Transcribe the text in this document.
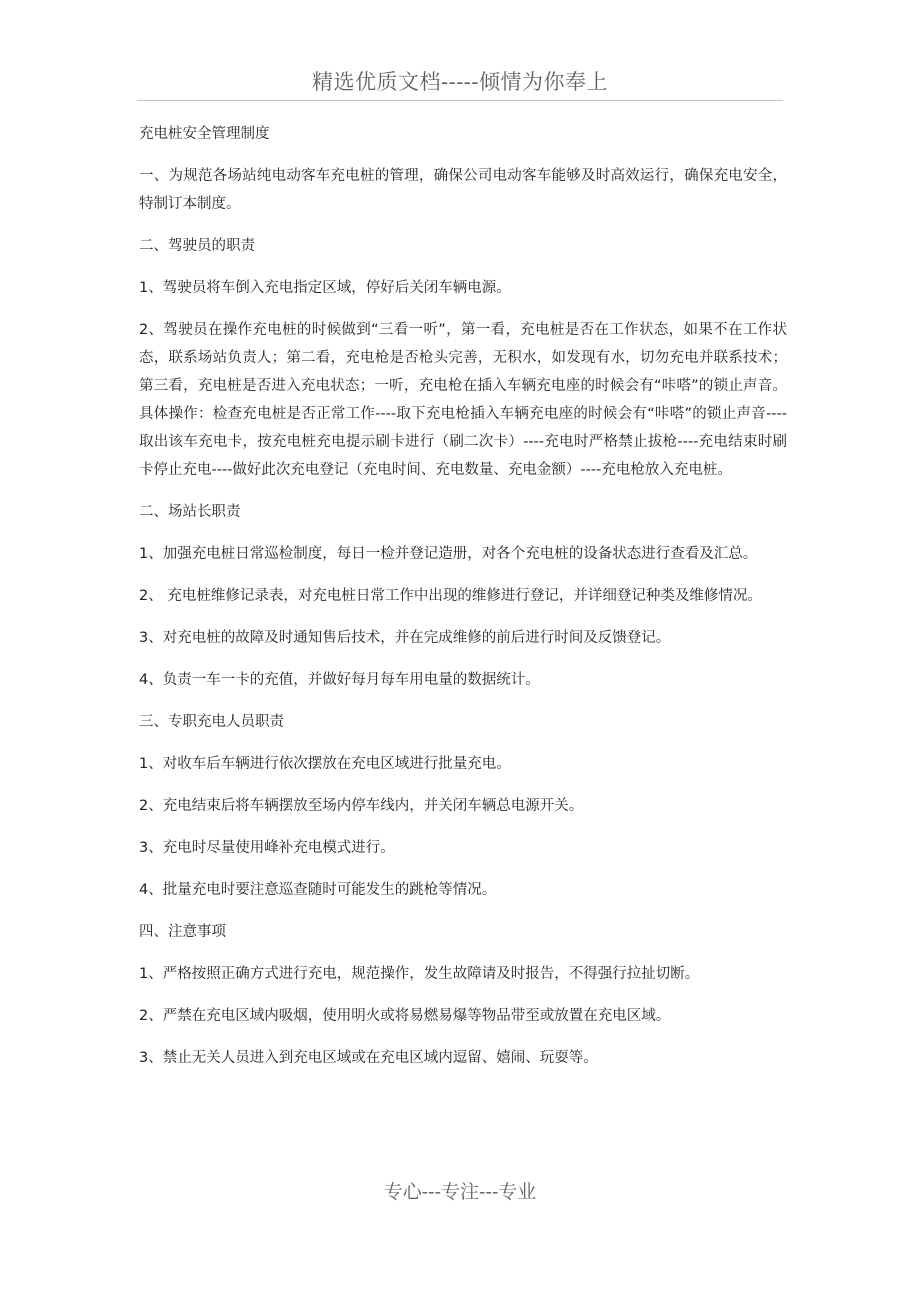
精选优质文档-----倾情为你奉上

充电桩安全管理制度

一、为规范各场站纯电动客车充电桩的管理，确保公司电动客车能够及时高效运行，确保充电安全，特制订本制度。

二、驾驶员的职责

1、驾驶员将车倒入充电指定区域，停好后关闭车辆电源。

2、驾驶员在操作充电桩的时候做到“三看一听”，第一看，充电桩是否在工作状态，如果不在工作状态，联系场站负责人；第二看，充电枪是否枪头完善，无积水，如发现有水，切勿充电并联系技术；第三看，充电桩是否进入充电状态；一听，充电枪在插入车辆充电座的时候会有“咔嗒”的锁止声音。具体操作：检查充电桩是否正常工作----取下充电枪插入车辆充电座的时候会有“咔嗒”的锁止声音----取出该车充电卡，按充电桩充电提示刷卡进行（刷二次卡）----充电时严格禁止拔枪----充电结束时刷卡停止充电----做好此次充电登记（充电时间、充电数量、充电金额）----充电枪放入充电桩。

二、场站长职责

1、加强充电桩日常巡检制度，每日一检并登记造册，对各个充电桩的设备状态进行查看及汇总。

2、 充电桩维修记录表，对充电桩日常工作中出现的维修进行登记，并详细登记种类及维修情况。

3、对充电桩的故障及时通知售后技术，并在完成维修的前后进行时间及反馈登记。

4、负责一车一卡的充值，并做好每月每车用电量的数据统计。

三、专职充电人员职责

1、对收车后车辆进行依次摆放在充电区域进行批量充电。

2、充电结束后将车辆摆放至场内停车线内，并关闭车辆总电源开关。

3、充电时尽量使用峰补充电模式进行。

4、批量充电时要注意巡查随时可能发生的跳枪等情况。

四、注意事项

1、严格按照正确方式进行充电，规范操作，发生故障请及时报告，不得强行拉扯切断。

2、严禁在充电区域内吸烟，使用明火或将易燃易爆等物品带至或放置在充电区域。

3、禁止无关人员进入到充电区域或在充电区域内逗留、嬉闹、玩耍等。

专心---专注---专业
